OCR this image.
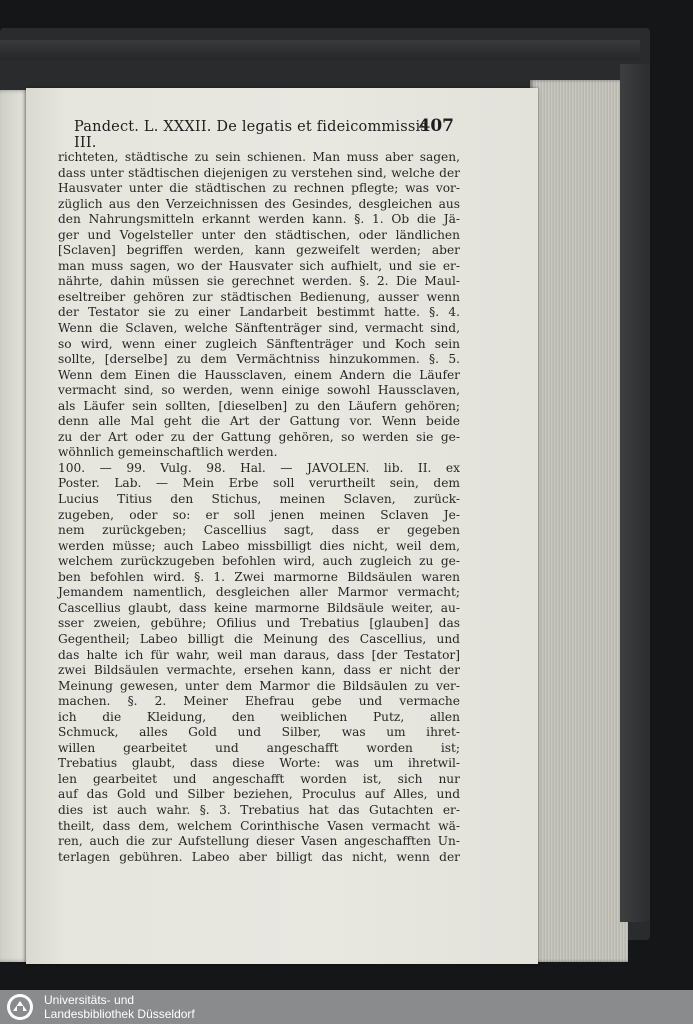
Pandect. L. XXXII. De legatis et fideicommissis III.
407
richteten, städtische zu sein schienen. Man muss aber sagen,
dass unter städtischen diejenigen zu verstehen sind, welche der
Hausvater unter die städtischen zu rechnen pflegte; was vor-
züglich aus den Verzeichnissen des Gesindes, desgleichen aus
den Nahrungsmitteln erkannt werden kann. §. 1. Ob die Jä-
ger und Vogelsteller unter den städtischen, oder ländlichen
[Sclaven] begriffen werden, kann gezweifelt werden; aber
man muss sagen, wo der Hausvater sich aufhielt, und sie er-
nährte, dahin müssen sie gerechnet werden. §. 2. Die Maul-
eseltreiber gehören zur städtischen Bedienung, ausser wenn
der Testator sie zu einer Landarbeit bestimmt hatte. §. 4.
Wenn die Sclaven, welche Sänftenträger sind, vermacht sind,
so wird, wenn einer zugleich Sänftenträger und Koch sein
sollte, [derselbe] zu dem Vermächtniss hinzukommen. §. 5.
Wenn dem Einen die Haussclaven, einem Andern die Läufer
vermacht sind, so werden, wenn einige sowohl Haussclaven,
als Läufer sein sollten, [dieselben] zu den Läufern gehören;
denn alle Mal geht die Art der Gattung vor. Wenn beide
zu der Art oder zu der Gattung gehören, so werden sie ge-
wöhnlich gemeinschaftlich werden.
100. — 99. Vulg. 98. Hal. — JAVOLEN. lib. II. ex
Poster. Lab. — Mein Erbe soll verurtheilt sein, dem
Lucius Titius den Stichus, meinen Sclaven, zurück-
zugeben, oder so: er soll jenen meinen Sclaven Je-
nem zurückgeben; Cascellius sagt, dass er gegeben
werden müsse; auch Labeo missbilligt dies nicht, weil dem,
welchem zurückzugeben befohlen wird, auch zugleich zu ge-
ben befohlen wird. §. 1. Zwei marmorne Bildsäulen waren
Jemandem namentlich, desgleichen aller Marmor vermacht;
Cascellius glaubt, dass keine marmorne Bildsäule weiter, au-
sser zweien, gebühre; Ofilius und Trebatius [glauben] das
Gegentheil; Labeo billigt die Meinung des Cascellius, und
das halte ich für wahr, weil man daraus, dass [der Testator]
zwei Bildsäulen vermachte, ersehen kann, dass er nicht der
Meinung gewesen, unter dem Marmor die Bildsäulen zu ver-
machen. §. 2. Meiner Ehefrau gebe und vermache
ich die Kleidung, den weiblichen Putz, allen
Schmuck, alles Gold und Silber, was um ihret-
willen gearbeitet und angeschafft worden ist;
Trebatius glaubt, dass diese Worte: was um ihretwil-
len gearbeitet und angeschafft worden ist, sich nur
auf das Gold und Silber beziehen, Proculus auf Alles, und
dies ist auch wahr. §. 3. Trebatius hat das Gutachten er-
theilt, dass dem, welchem Corinthische Vasen vermacht wä-
ren, auch die zur Aufstellung dieser Vasen angeschafften Un-
terlagen gebühren. Labeo aber billigt das nicht, wenn der
Universitäts- und
Landesbibliothek Düsseldorf
